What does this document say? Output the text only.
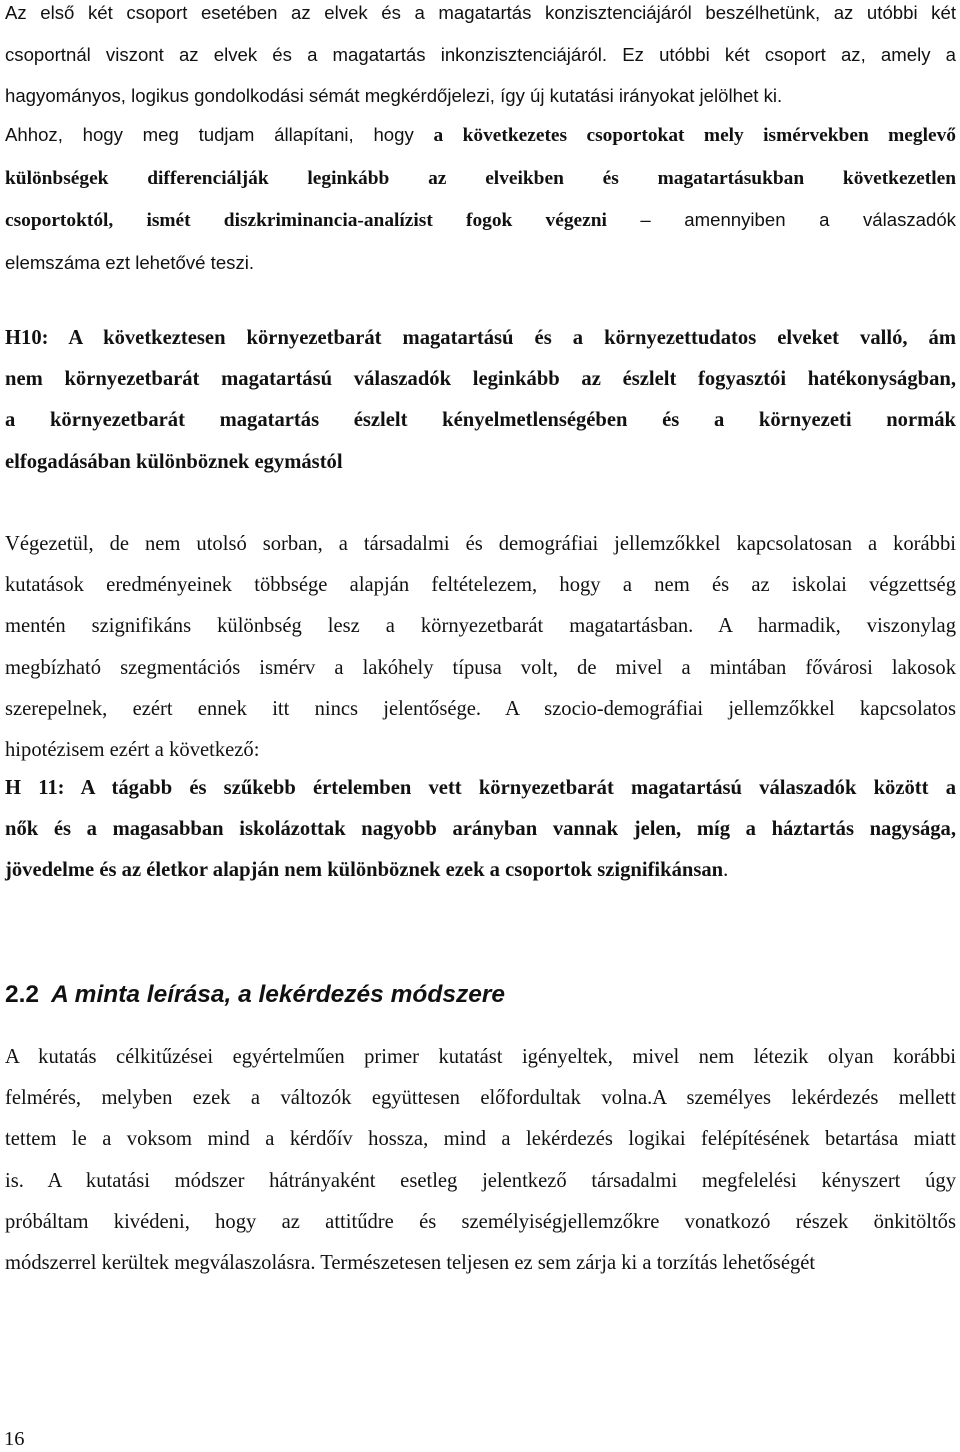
Az első két csoport esetében az elvek és a magatartás konzisztenciájáról beszélhetünk, az utóbbi két
csoportnál viszont az elvek és a magatartás inkonzisztenciájáról. Ez utóbbi két csoport az, amely a
hagyományos, logikus gondolkodási sémát megkérdőjelezi, így új kutatási irányokat jelölhet ki.
Ahhoz, hogy meg tudjam állapítani, hogy a következetes csoportokat mely ismérvekben meglevő
különbségek differenciálják leginkább az elveikben és magatartásukban következetlen
csoportoktól, ismét diszkriminancia-analízist fogok végezni – amennyiben a válaszadók
elemszáma ezt lehetővé teszi.
H10: A következtesen környezetbarát magatartású és a környezettudatos elveket valló, ám
nem környezetbarát magatartású válaszadók leginkább az észlelt fogyasztói hatékonyságban,
a környezetbarát magatartás észlelt kényelmetlenségében és a környezeti normák
elfogadásában különböznek egymástól
Végezetül, de nem utolsó sorban, a társadalmi és demográfiai jellemzőkkel kapcsolatosan a korábbi
kutatások eredményeinek többsége alapján feltételezem, hogy a nem és az iskolai végzettség
mentén szignifikáns különbség lesz a környezetbarát magatartásban. A harmadik, viszonylag
megbízható szegmentációs ismérv a lakóhely típusa volt, de mivel a mintában fővárosi lakosok
szerepelnek, ezért ennek itt nincs jelentősége. A szocio-demográfiai jellemzőkkel kapcsolatos
hipotézisem ezért a következő:
H 11: A tágabb és szűkebb értelemben vett környezetbarát magatartású válaszadók között a
nők és a magasabban iskolázottak nagyobb arányban vannak jelen, míg a háztartás nagysága,
jövedelme és az életkor alapján nem különböznek ezek a csoportok szignifikánsan.
2.2 A minta leírása, a lekérdezés módszere
A kutatás célkitűzései egyértelműen primer kutatást igényeltek, mivel nem létezik olyan korábbi
felmérés, melyben ezek a változók együttesen előfordultak volna.A személyes lekérdezés mellett
tettem le a voksom mind a kérdőív hossza, mind a lekérdezés logikai felépítésének betartása miatt
is. A kutatási módszer hátrányaként esetleg jelentkező társadalmi megfelelési kényszert úgy
próbáltam kivédeni, hogy az attitűdre és személyiségjellemzőkre vonatkozó részek önkitöltős
módszerrel kerültek megválaszolásra. Természetesen teljesen ez sem zárja ki a torzítás lehetőségét

16
